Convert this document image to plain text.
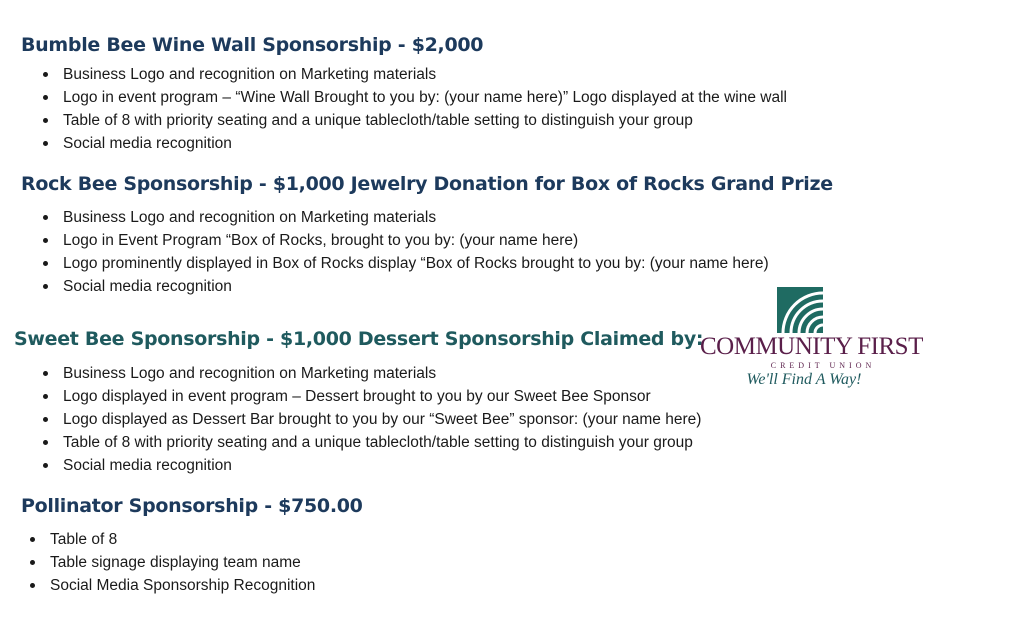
Bumble Bee Wine Wall Sponsorship - $2,000
Business Logo and recognition on Marketing materials
Logo in event program – “Wine Wall Brought to you by: (your name here)” Logo displayed at the wine wall
Table of 8 with priority seating and a unique tablecloth/table setting to distinguish your group
Social media recognition
Rock Bee Sponsorship - $1,000 Jewelry Donation for Box of Rocks Grand Prize
Business Logo and recognition on Marketing materials
Logo in Event Program “Box of Rocks, brought to you by: (your name here)
Logo prominently displayed in Box of Rocks display “Box of Rocks brought to you by: (your name here)
Social media recognition
Sweet Bee Sponsorship - $1,000 Dessert Sponsorship Claimed by:
Business Logo and recognition on Marketing materials
Logo displayed in event program – Dessert brought to you by our Sweet Bee Sponsor
Logo displayed as Dessert Bar brought to you by our “Sweet Bee” sponsor: (your name here)
Table of 8 with priority seating and a unique tablecloth/table setting to distinguish your group
Social media recognition
Pollinator Sponsorship - $750.00
Table of 8
Table signage displaying team name
Social Media Sponsorship Recognition
COMMUNITY FIRST
CREDIT UNION
We'll Find A Way!
